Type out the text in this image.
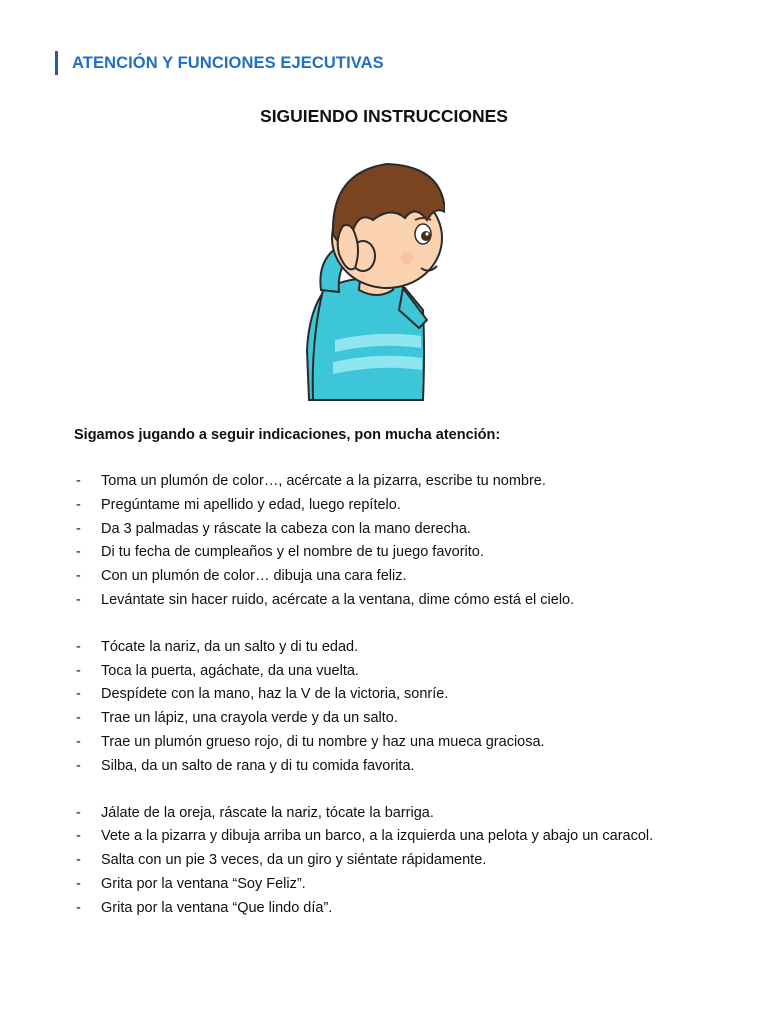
ATENCIÓN Y FUNCIONES EJECUTIVAS
SIGUIENDO INSTRUCCIONES
Sigamos jugando a seguir indicaciones, pon mucha atención:
- Toma un plumón de color…, acércate a la pizarra, escribe tu nombre.
- Pregúntame mi apellido y edad, luego repítelo.
- Da 3 palmadas y ráscate la cabeza con la mano derecha.
- Di tu fecha de cumpleaños y el nombre de tu juego favorito.
- Con un plumón de color… dibuja una cara feliz.
- Levántate sin hacer ruido, acércate a la ventana, dime cómo está el cielo.
- Tócate la nariz, da un salto y di tu edad.
- Toca la puerta, agáchate, da una vuelta.
- Despídete con la mano, haz la V de la victoria, sonríe.
- Trae un lápiz, una crayola verde y da un salto.
- Trae un plumón grueso rojo, di tu nombre y haz una mueca graciosa.
- Silba, da un salto de rana y di tu comida favorita.
- Jálate de la oreja, ráscate la nariz, tócate la barriga.
- Vete a la pizarra y dibuja arriba un barco, a la izquierda una pelota y abajo un caracol.
- Salta con un pie 3 veces, da un giro y siéntate rápidamente.
- Grita por la ventana “Soy Feliz”.
- Grita por la ventana “Que lindo día”.
